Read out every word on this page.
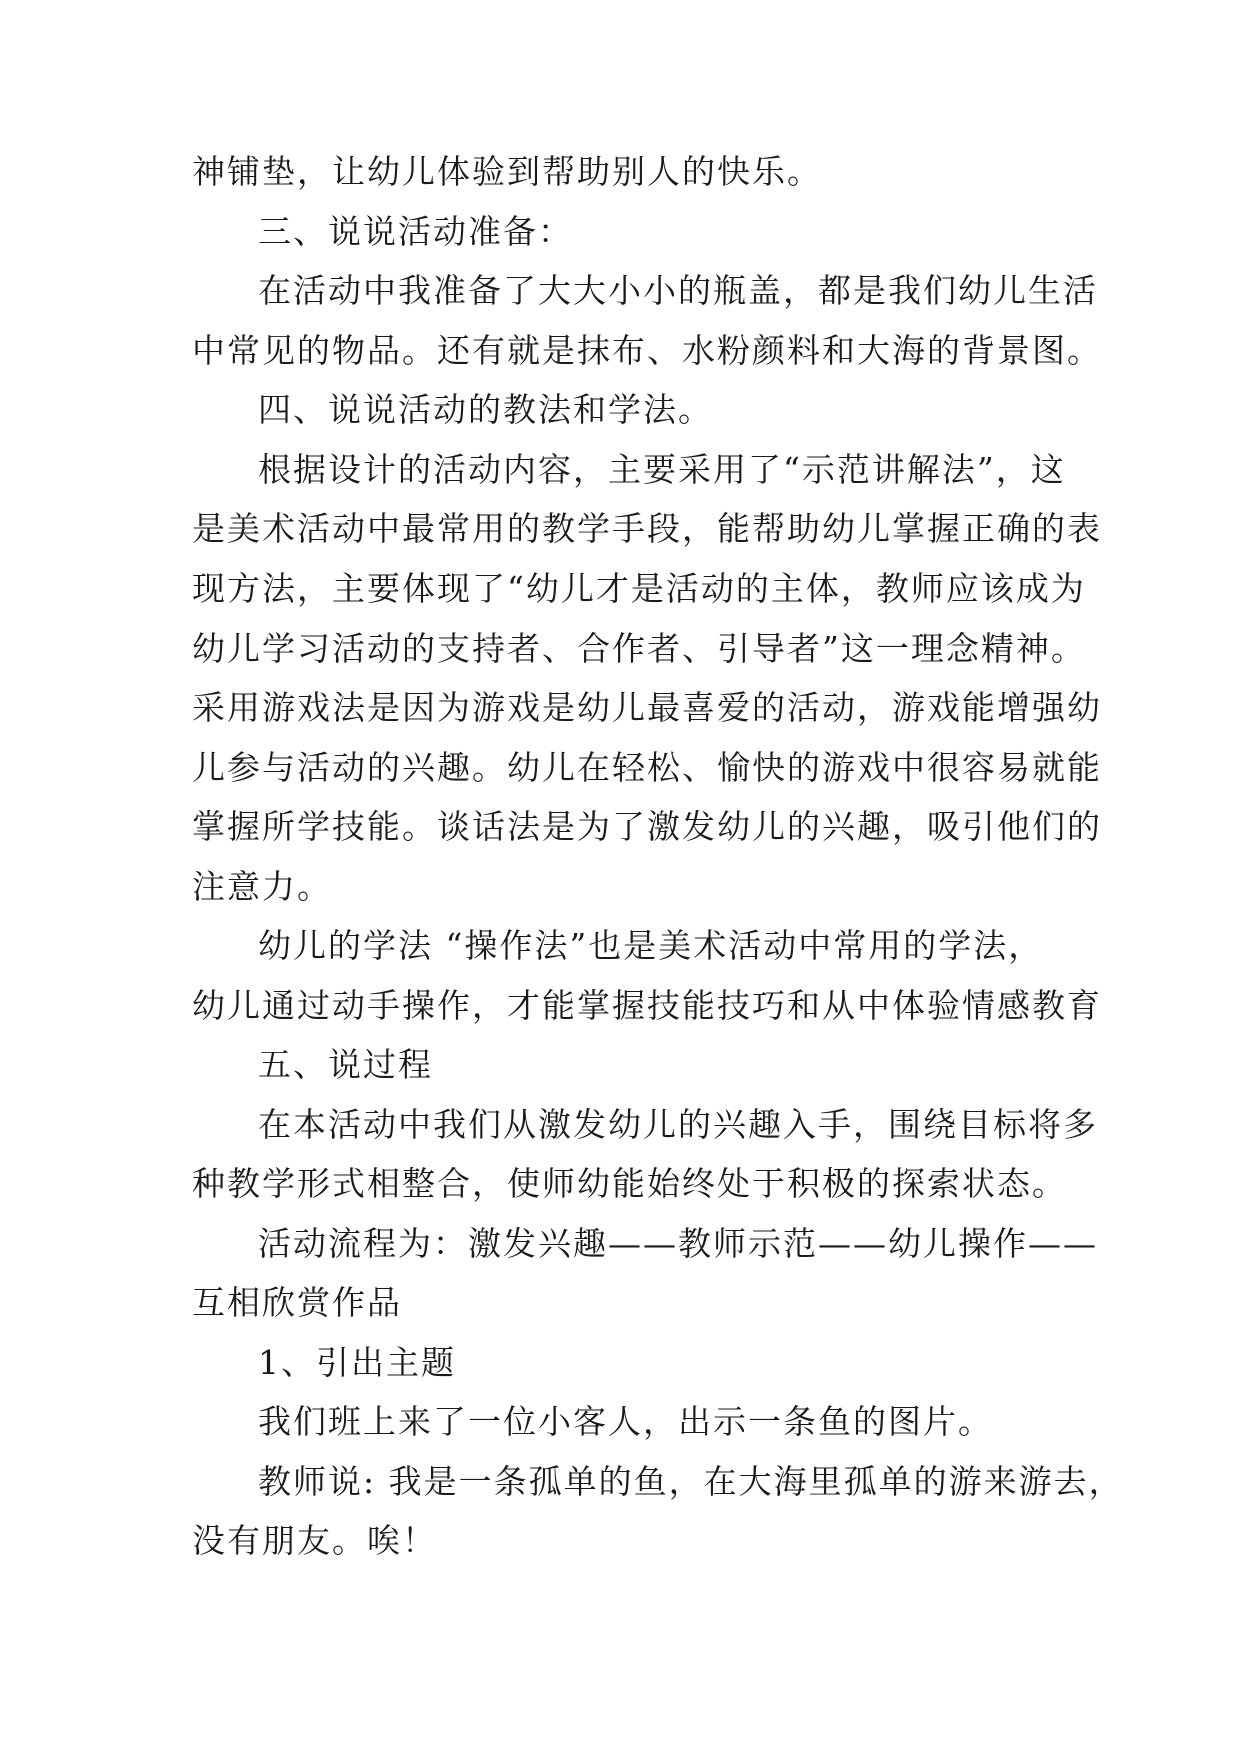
神铺垫，让幼儿体验到帮助别人的快乐。
三、说说活动准备：
在活动中我准备了大大小小的瓶盖，都是我们幼儿生活
中常见的物品。还有就是抹布、水粉颜料和大海的背景图。
四、说说活动的教法和学法。
根据设计的活动内容，主要采用了“示范讲解法”，这
是美术活动中最常用的教学手段，能帮助幼儿掌握正确的表
现方法，主要体现了“幼儿才是活动的主体，教师应该成为
幼儿学习活动的支持者、合作者、引导者”这一理念精神。
采用游戏法是因为游戏是幼儿最喜爱的活动，游戏能增强幼
儿参与活动的兴趣。幼儿在轻松、愉快的游戏中很容易就能
掌握所学技能。谈话法是为了激发幼儿的兴趣，吸引他们的
注意力。
幼儿的学法 “操作法”也是美术活动中常用的学法，
幼儿通过动手操作，才能掌握技能技巧和从中体验情感教育
五、说过程
在本活动中我们从激发幼儿的兴趣入手，围绕目标将多
种教学形式相整合，使师幼能始终处于积极的探索状态。
活动流程为：激发兴趣——教师示范——幼儿操作——
互相欣赏作品
1、引出主题
我们班上来了一位小客人，出示一条鱼的图片。
教师说: 我是一条孤单的鱼，在大海里孤单的游来游去，
没有朋友。唉！
